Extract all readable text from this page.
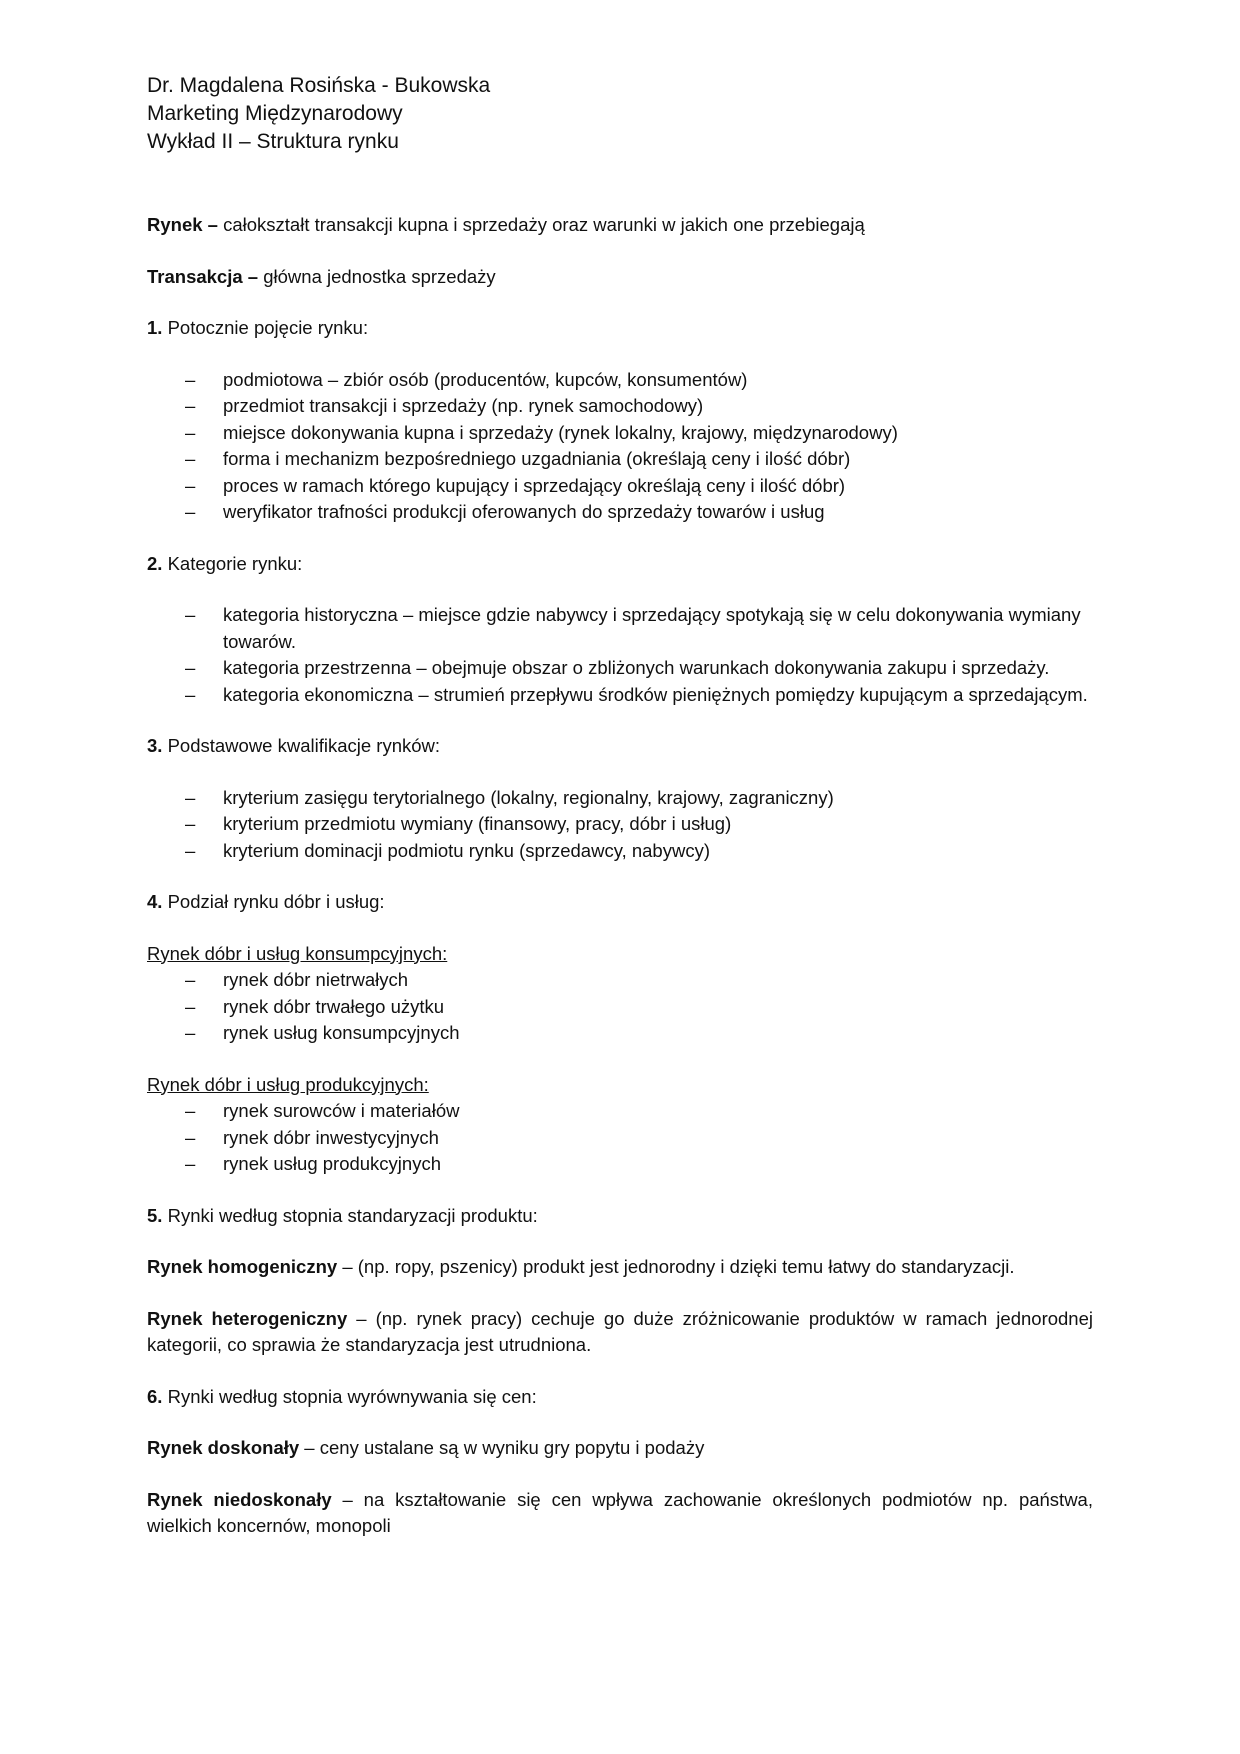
Dr. Magdalena Rosińska - Bukowska
Marketing Międzynarodowy
Wykład II – Struktura rynku

Rynek – całokształt transakcji kupna i sprzedaży oraz warunki w jakich one przebiegają

Transakcja – główna jednostka sprzedaży

1. Potocznie pojęcie rynku:

– podmiotowa – zbiór osób (producentów, kupców, konsumentów)
– przedmiot transakcji i sprzedaży (np. rynek samochodowy)
– miejsce dokonywania kupna i sprzedaży (rynek lokalny, krajowy, międzynarodowy)
– forma i mechanizm bezpośredniego uzgadniania (określają ceny i ilość dóbr)
– proces w ramach którego kupujący i sprzedający określają ceny i ilość dóbr)
– weryfikator trafności produkcji oferowanych do sprzedaży towarów i usług

2. Kategorie rynku:

– kategoria historyczna – miejsce gdzie nabywcy i sprzedający spotykają się w celu dokonywania wymiany towarów.
– kategoria przestrzenna – obejmuje obszar o zbliżonych warunkach dokonywania zakupu i sprzedaży.
– kategoria ekonomiczna – strumień przepływu środków pieniężnych pomiędzy kupującym a sprzedającym.

3. Podstawowe kwalifikacje rynków:

– kryterium zasięgu terytorialnego (lokalny, regionalny, krajowy, zagraniczny)
– kryterium przedmiotu wymiany (finansowy, pracy, dóbr i usług)
– kryterium dominacji podmiotu rynku (sprzedawcy, nabywcy)

4. Podział rynku dóbr i usług:

Rynek dóbr i usług konsumpcyjnych:

– rynek dóbr nietrwałych
– rynek dóbr trwałego użytku
– rynek usług konsumpcyjnych

Rynek dóbr i usług produkcyjnych:

– rynek surowców i materiałów
– rynek dóbr inwestycyjnych
– rynek usług produkcyjnych

5. Rynki według stopnia standaryzacji produktu:

Rynek homogeniczny – (np. ropy, pszenicy) produkt jest jednorodny i dzięki temu łatwy do standaryzacji.

Rynek heterogeniczny – (np. rynek pracy) cechuje go duże zróżnicowanie produktów w ramach jednorodnej kategorii, co sprawia że standaryzacja jest utrudniona.

6. Rynki według stopnia wyrównywania się cen:

Rynek doskonały – ceny ustalane są w wyniku gry popytu i podaży

Rynek niedoskonały – na kształtowanie się cen wpływa zachowanie określonych podmiotów np. państwa, wielkich koncernów, monopoli
